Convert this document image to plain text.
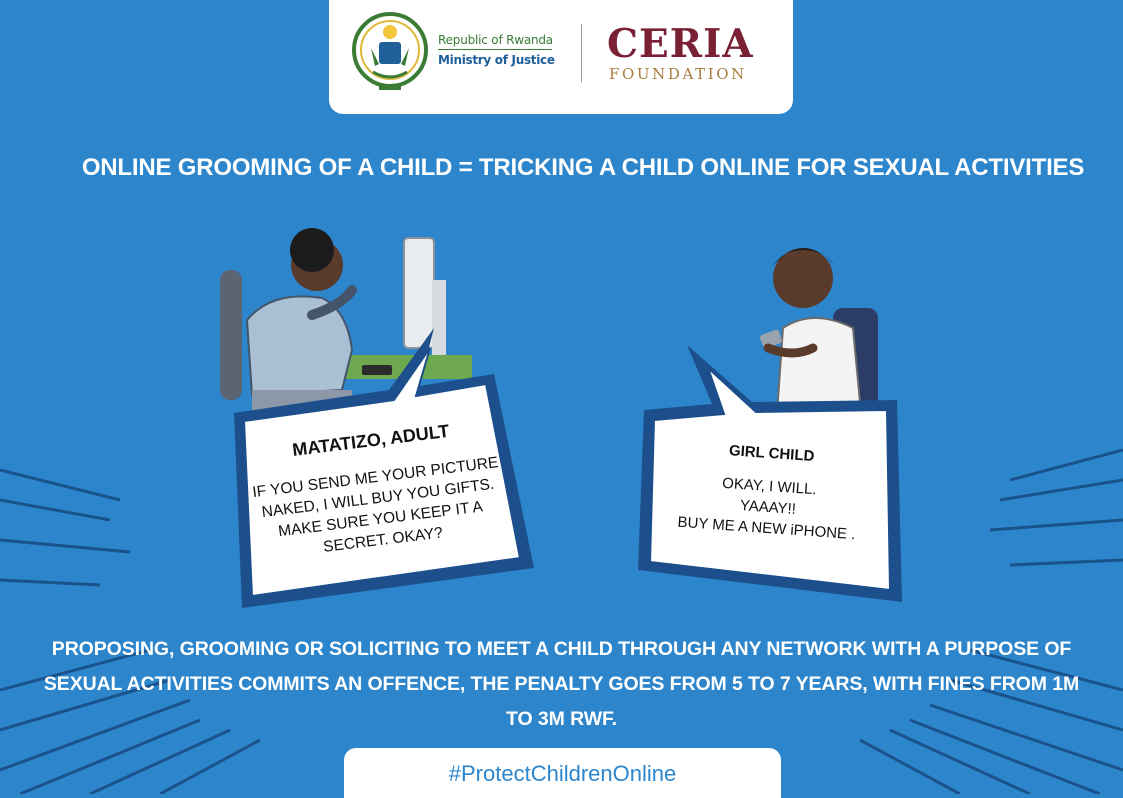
Republic of Rwanda
Ministry of Justice CERIA
FOUNDATION
ONLINE GROOMING OF A CHILD = TRICKING A CHILD ONLINE FOR SEXUAL ACTIVITIES
MATATIZO, ADULT
IF YOU SEND ME YOUR PICTURE
NAKED, I WILL BUY YOU GIFTS.
MAKE SURE YOU KEEP IT A
SECRET. OKAY?
GIRL CHILD
OKAY, I WILL.
YAAAY!!
BUY ME A NEW iPHONE .
PROPOSING, GROOMING OR SOLICITING TO MEET A CHILD THROUGH ANY NETWORK WITH A PURPOSE OF SEXUAL ACTIVITIES COMMITS AN OFFENCE, THE PENALTY GOES FROM 5 TO 7 YEARS, WITH FINES FROM 1M TO 3M RWF.
#ProtectChildrenOnline
